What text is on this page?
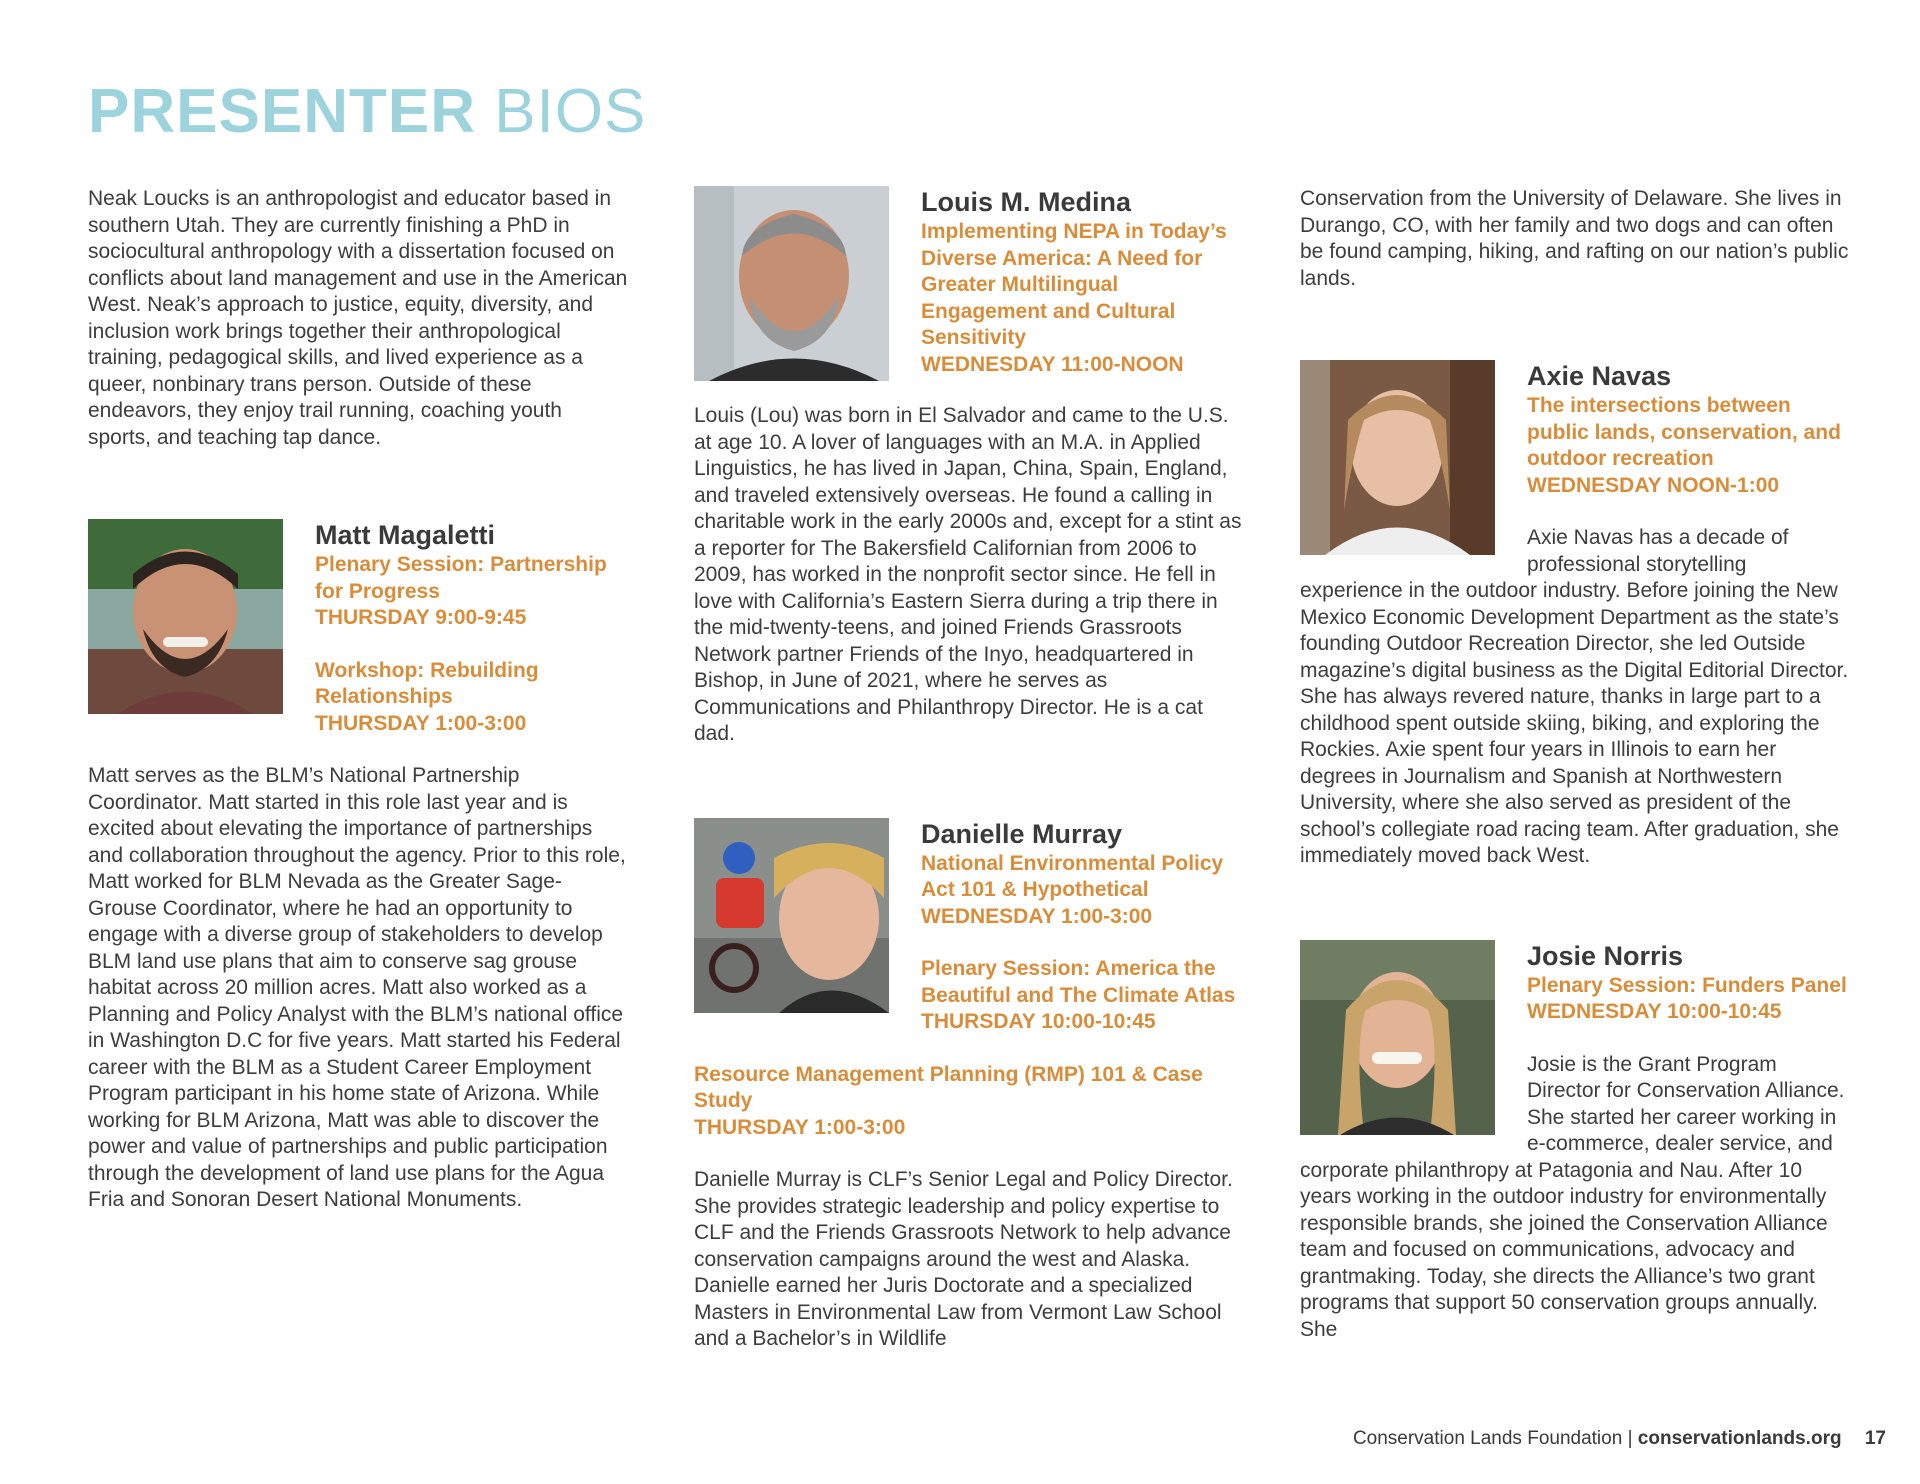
PRESENTER BIOS

Neak Loucks is an anthropologist and educator based in southern Utah. They are currently finishing a PhD in sociocultural anthropology with a dissertation focused on conflicts about land management and use in the American West. Neak’s approach to justice, equity, diversity, and inclusion work brings together their anthropological training, pedagogical skills, and lived experience as a queer, nonbinary trans person. Outside of these endeavors, they enjoy trail running, coaching youth sports, and teaching tap dance.

Matt Magaletti
Plenary Session: Partnership for Progress
THURSDAY 9:00-9:45
Workshop: Rebuilding Relationships
THURSDAY 1:00-3:00

Matt serves as the BLM’s National Partnership Coordinator. Matt started in this role last year and is excited about elevating the importance of partnerships and collaboration throughout the agency. Prior to this role, Matt worked for BLM Nevada as the Greater Sage-Grouse Coordinator, where he had an opportunity to engage with a diverse group of stakeholders to develop BLM land use plans that aim to conserve sag grouse habitat across 20 million acres. Matt also worked as a Planning and Policy Analyst with the BLM’s national office in Washington D.C for five years. Matt started his Federal career with the BLM as a Student Career Employment Program participant in his home state of Arizona. While working for BLM Arizona, Matt was able to discover the power and value of partnerships and public participation through the development of land use plans for the Agua Fria and Sonoran Desert National Monuments.

Louis M. Medina
Implementing NEPA in Today’s Diverse America: A Need for Greater Multilingual Engagement and Cultural Sensitivity
WEDNESDAY 11:00-NOON

Louis (Lou) was born in El Salvador and came to the U.S. at age 10. A lover of languages with an M.A. in Applied Linguistics, he has lived in Japan, China, Spain, England, and traveled extensively overseas. He found a calling in charitable work in the early 2000s and, except for a stint as a reporter for The Bakersfield Californian from 2006 to 2009, has worked in the nonprofit sector since. He fell in love with California’s Eastern Sierra during a trip there in the mid-twenty-teens, and joined Friends Grassroots Network partner Friends of the Inyo, headquartered in Bishop, in June of 2021, where he serves as Communications and Philanthropy Director. He is a cat dad.

Danielle Murray
National Environmental Policy Act 101 & Hypothetical
WEDNESDAY 1:00-3:00
Plenary Session: America the Beautiful and The Climate Atlas
THURSDAY 10:00-10:45
Resource Management Planning (RMP) 101 & Case Study
THURSDAY 1:00-3:00

Danielle Murray is CLF’s Senior Legal and Policy Director. She provides strategic leadership and policy expertise to CLF and the Friends Grassroots Network to help advance conservation campaigns around the west and Alaska. Danielle earned her Juris Doctorate and a specialized Masters in Environmental Law from Vermont Law School and a Bachelor’s in Wildlife

Conservation from the University of Delaware. She lives in Durango, CO, with her family and two dogs and can often be found camping, hiking, and rafting on our nation’s public lands.

Axie Navas
The intersections between public lands, conservation, and outdoor recreation
WEDNESDAY NOON-1:00

Axie Navas has a decade of professional storytelling experience in the outdoor industry. Before joining the New Mexico Economic Development Department as the state’s founding Outdoor Recreation Director, she led Outside magazine’s digital business as the Digital Editorial Director. She has always revered nature, thanks in large part to a childhood spent outside skiing, biking, and exploring the Rockies. Axie spent four years in Illinois to earn her degrees in Journalism and Spanish at Northwestern University, where she also served as president of the school’s collegiate road racing team. After graduation, she immediately moved back West.

Josie Norris
Plenary Session: Funders Panel
WEDNESDAY 10:00-10:45

Josie is the Grant Program Director for Conservation Alliance. She started her career working in e-commerce, dealer service, and corporate philanthropy at Patagonia and Nau. After 10 years working in the outdoor industry for environmentally responsible brands, she joined the Conservation Alliance team and focused on communications, advocacy and grantmaking. Today, she directs the Alliance’s two grant programs that support 50 conservation groups annually. She

Conservation Lands Foundation | conservationlands.org 17
